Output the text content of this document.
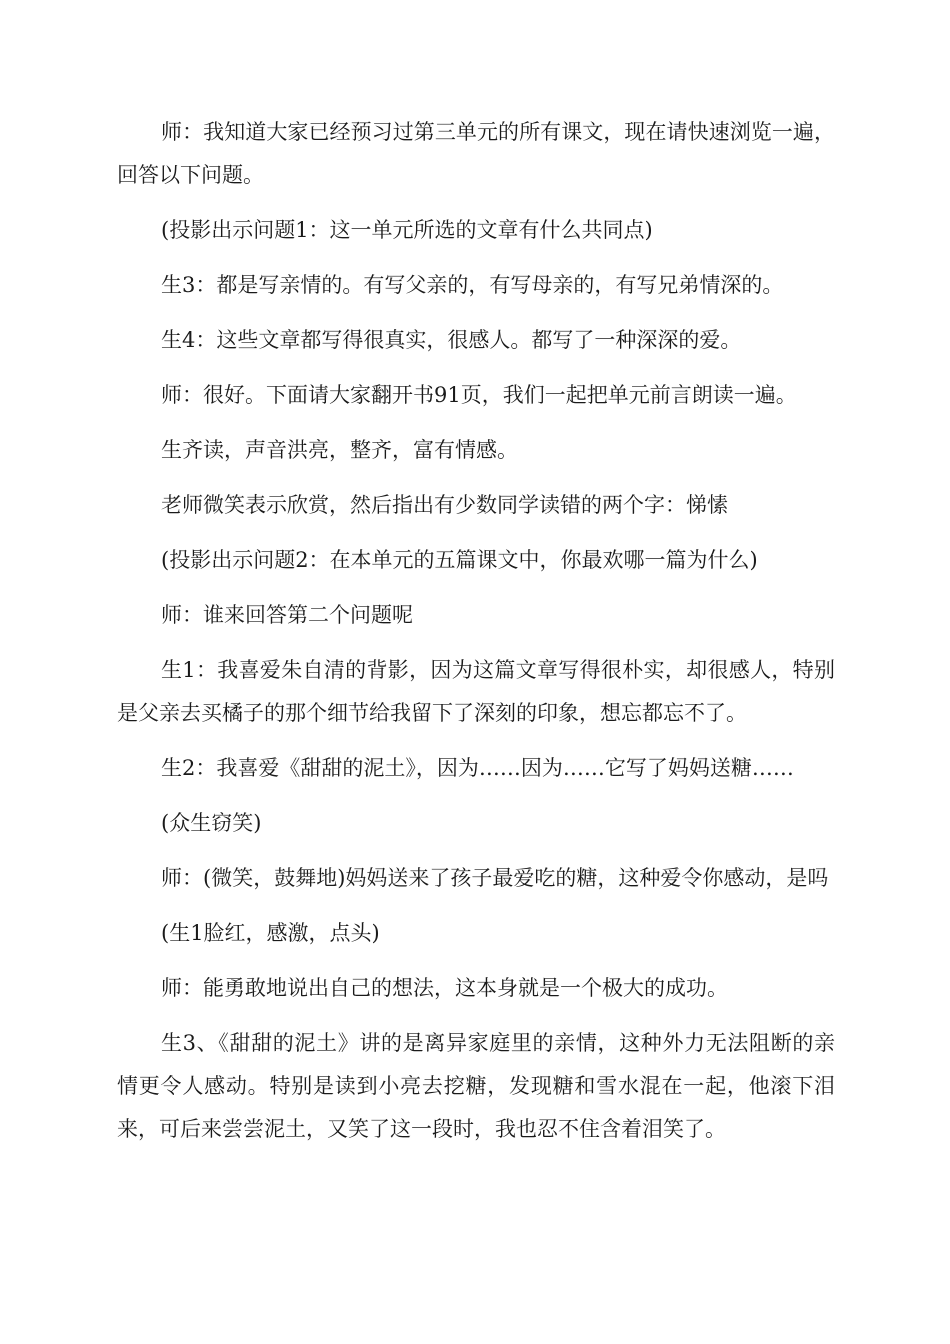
师：我知道大家已经预习过第三单元的所有课文，现在请快速浏览一遍，回答以下问题。

(投影出示问题1：这一单元所选的文章有什么共同点)

生3：都是写亲情的。有写父亲的，有写母亲的，有写兄弟情深的。

生4：这些文章都写得很真实，很感人。都写了一种深深的爱。

师：很好。下面请大家翻开书91页，我们一起把单元前言朗读一遍。

生齐读，声音洪亮，整齐，富有情感。

老师微笑表示欣赏，然后指出有少数同学读错的两个字：悌愫

(投影出示问题2：在本单元的五篇课文中，你最欢哪一篇为什么)

师：谁来回答第二个问题呢

生1：我喜爱朱自清的背影，因为这篇文章写得很朴实，却很感人，特别是父亲去买橘子的那个细节给我留下了深刻的印象，想忘都忘不了。

生2：我喜爱《甜甜的泥土》，因为……因为……它写了妈妈送糖……

(众生窃笑)

师：(微笑，鼓舞地)妈妈送来了孩子最爱吃的糖，这种爱令你感动，是吗

(生1脸红，感激，点头)

师：能勇敢地说出自己的想法，这本身就是一个极大的成功。

生3、《甜甜的泥土》讲的是离异家庭里的亲情，这种外力无法阻断的亲情更令人感动。特别是读到小亮去挖糖，发现糖和雪水混在一起，他滚下泪来，可后来尝尝泥土，又笑了这一段时，我也忍不住含着泪笑了。
